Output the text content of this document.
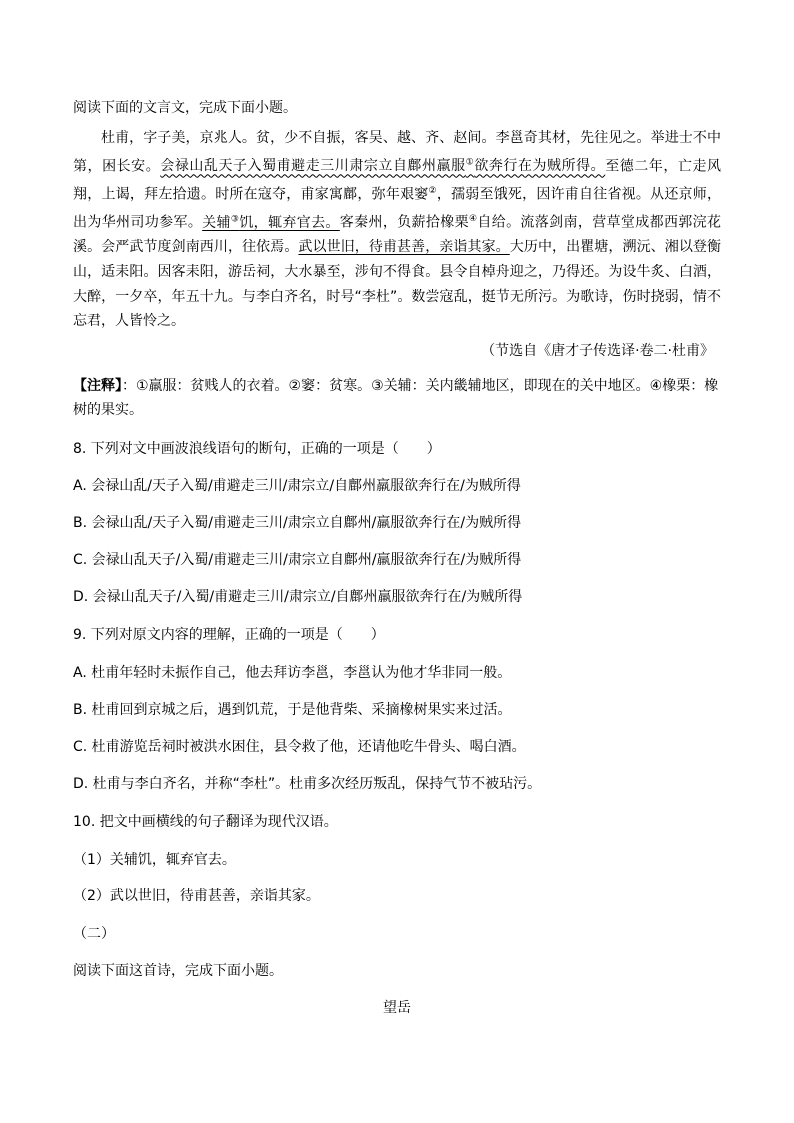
阅读下面的文言文，完成下面小题。
杜甫，字子美，京兆人。贫，少不自振，客吴、越、齐、赵间。李邕奇其材，先往见之。举进士不中第，困长安。会禄山乱天子入蜀甫避走三川肃宗立自鄜州羸服①欲奔行在为贼所得。至德二年，亡走风翔，上谒，拜左拾遗。时所在寇夺，甫家寓鄜，弥年艰窭②，孺弱至饿死，因许甫自往省视。从还京师，出为华州司功参军。关辅③饥，辄弃官去。客秦州，负薪拾橡栗④自给。流落剑南，营草堂成都西郭浣花溪。会严武节度剑南西川，往依焉。武以世旧，待甫甚善，亲诣其家。大历中，出瞿塘，溯沅、湘以登衡山，适耒阳。因客耒阳，游岳祠，大水暴至，涉旬不得食。县令自棹舟迎之，乃得还。为设牛炙、白酒，大醉，一夕卒，年五十九。与李白齐名，时号“李杜”。数尝寇乱，挺节无所污。为歌诗，伤时挠弱，情不忘君，人皆怜之。
（节选自《唐才子传选译·卷二·杜甫》
【注释】：①羸服：贫贱人的衣着。②窭：贫寒。③关辅：关内畿辅地区，即现在的关中地区。④橡栗：橡树的果实。
8. 下列对文中画波浪线语句的断句，正确的一项是（　　）
A. 会禄山乱/天子入蜀/甫避走三川/肃宗立/自鄜州羸服欲奔行在/为贼所得
B. 会禄山乱/天子入蜀/甫避走三川/肃宗立自鄜州/羸服欲奔行在/为贼所得
C. 会禄山乱天子/入蜀/甫避走三川/肃宗立自鄜州/羸服欲奔行在/为贼所得
D. 会禄山乱天子/入蜀/甫避走三川/肃宗立/自鄜州羸服欲奔行在/为贼所得
9. 下列对原文内容的理解，正确的一项是（　　）
A. 杜甫年轻时未振作自己，他去拜访李邕，李邕认为他才华非同一般。
B. 杜甫回到京城之后，遇到饥荒，于是他背柴、采摘橡树果实来过活。
C. 杜甫游览岳祠时被洪水困住，县令救了他，还请他吃牛骨头、喝白酒。
D. 杜甫与李白齐名，并称“李杜”。杜甫多次经历叛乱，保持气节不被玷污。
10. 把文中画横线的句子翻译为现代汉语。
（1）关辅饥，辄弃官去。
（2）武以世旧，待甫甚善，亲诣其家。
（二）
阅读下面这首诗，完成下面小题。
望岳
